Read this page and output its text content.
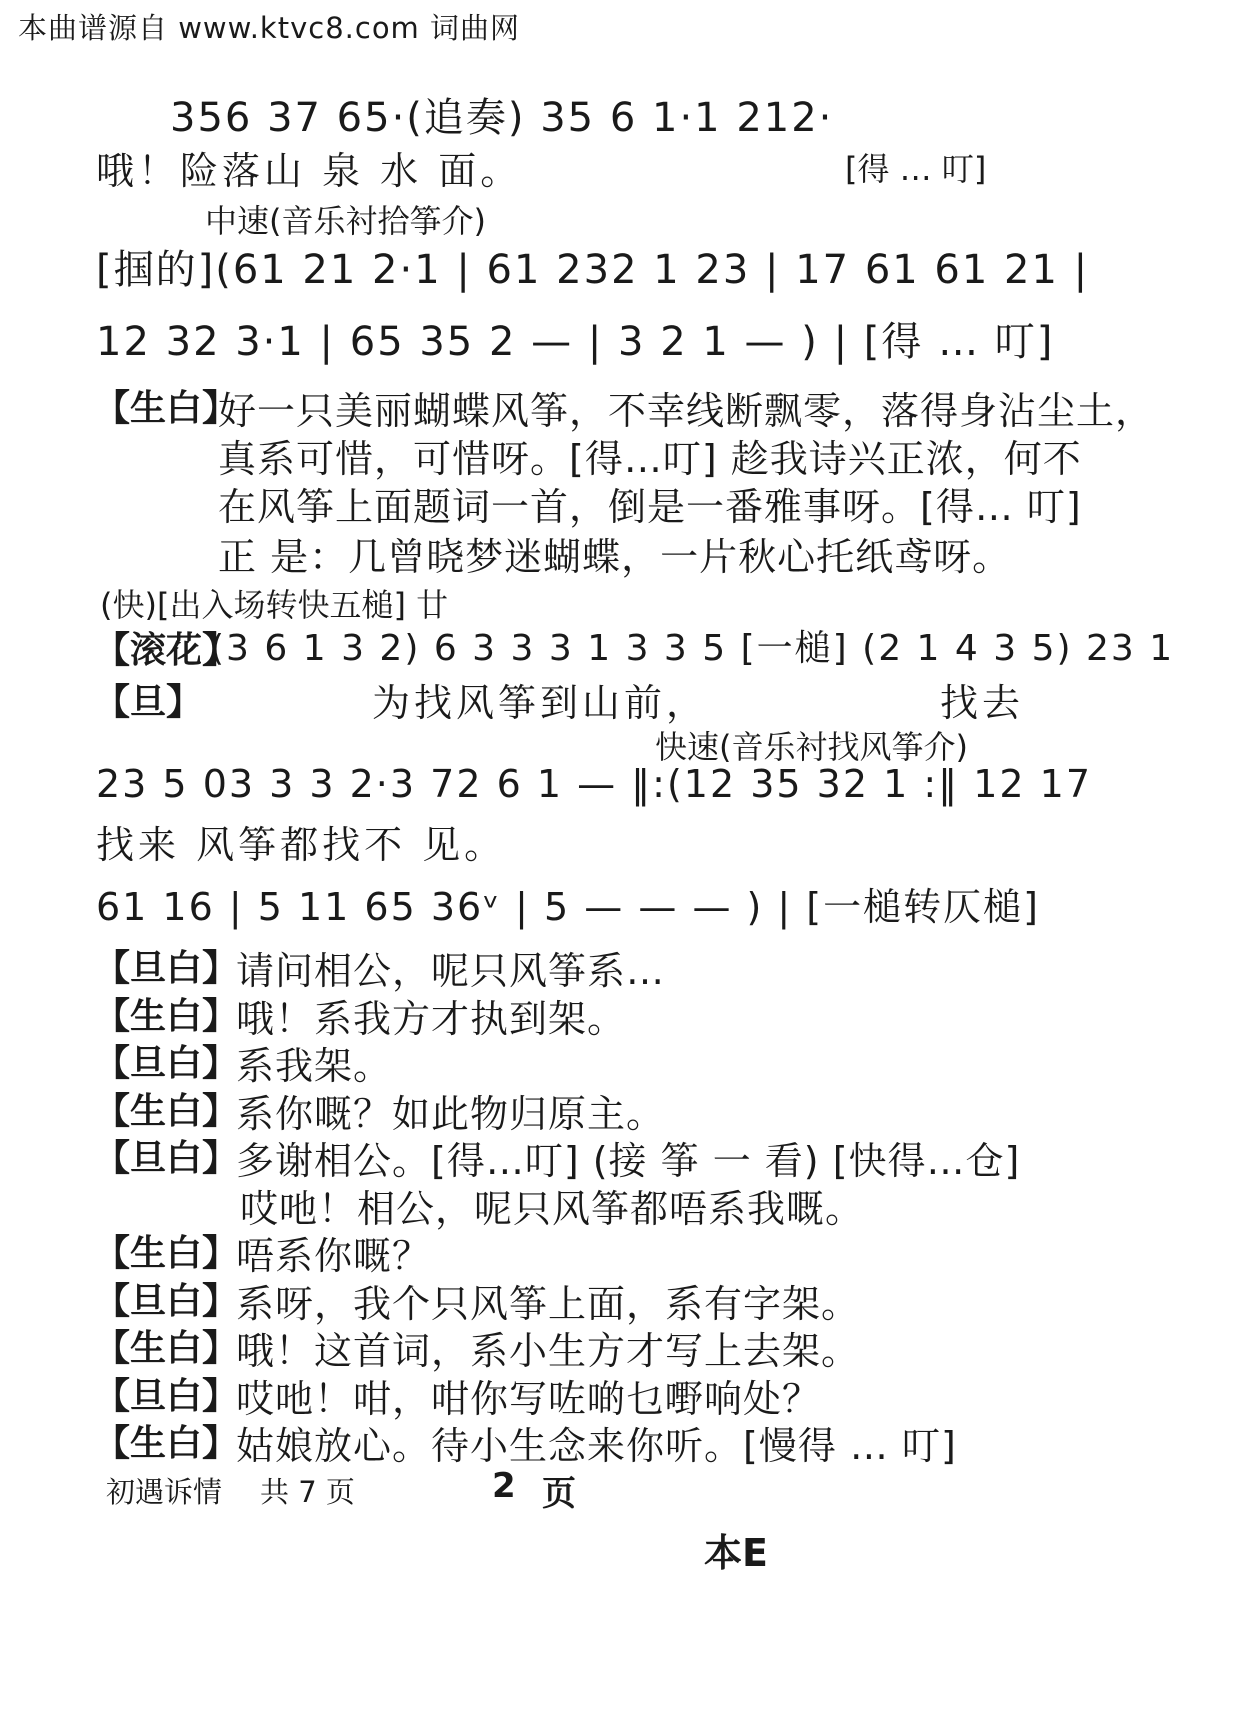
本曲谱源自 www.ktvc8.com 词曲网
356 37 65·(追奏) 35 6 1·1 212·
哦！险落山 泉 水 面。	[得 … 叮]
中速(音乐衬拾筝介)
[掴的](61 21 2·1 | 61 232 1 23 | 17 61 61 21 |
12 32 3·1 | 65 35 2 — | 3 2 1 — ) | [得 … 叮]
【生白】
好一只美丽蝴蝶风筝，不幸线断飘零，落得身沾尘土，
真系可惜，可惜呀。[得…叮] 趁我诗兴正浓，何不
在风筝上面题词一首，倒是一番雅事呀。[得… 叮]
正 是：几曾晓梦迷蝴蝶，一片秋心托纸鸢呀。
(快)[出入场转快五槌] 廿
【滚花】
(3 6 1 3 2) 6 3 3 3 1 3 3 5 [一槌] (2 1 4 3 5) 23 1
【旦】	为找风筝到山前，	找去
快速(音乐衬找风筝介)
23 5 03 3 3 2·3 72 6 1 — ‖:(12 35 32 1 :‖ 12 17
找来 风筝都找不 见。
61 16 | 5 11 65 36ᵛ | 5 — — — ) | [一槌转仄槌]
【旦白】
请问相公，呢只风筝系…
【生白】
哦！系我方才执到架。
【旦白】
系我架。
【生白】
系你嘅？如此物归原主。
【旦白】
多谢相公。[得…叮] (接 筝 一 看) [快得…仓]
哎吔！相公，呢只风筝都唔系我嘅。
【生白】
唔系你嘅？
【旦白】
系呀，我个只风筝上面，系有字架。
【生白】
哦！这首词，系小生方才写上去架。
【旦白】
哎吔！咁，咁你写咗啲乜嘢响处？
【生白】
姑娘放心。待小生念来你听。[慢得 … 叮]
初遇诉情 共 7 页	2 页
本E
